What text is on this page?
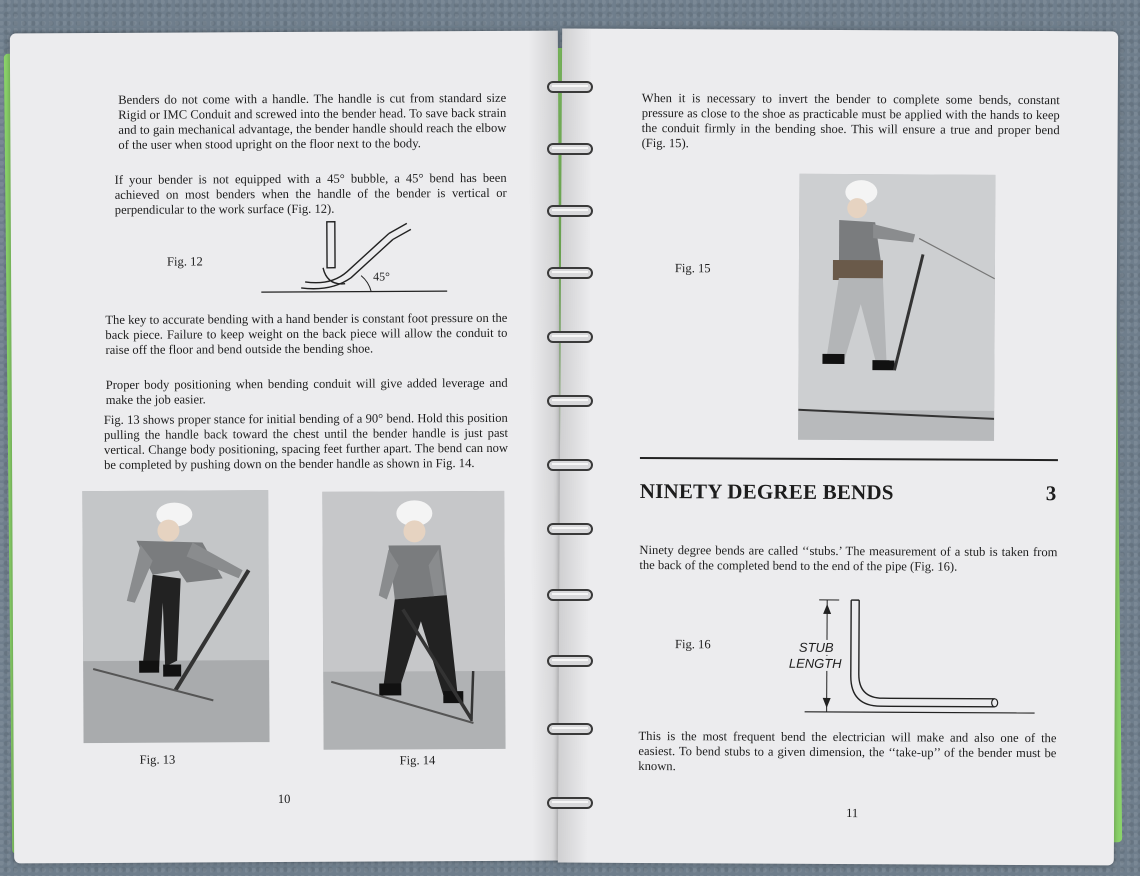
Benders do not come with a handle. The handle is cut from standard size Rigid or IMC Conduit and screwed into the bender head. To save back strain and to gain mechanical advantage, the bender handle should reach the elbow of the user when stood upright on the floor next to the body.

If your bender is not equipped with a 45° bubble, a 45° bend has been achieved on most benders when the handle of the bender is vertical or perpendicular to the work surface (Fig. 12).

Fig. 12

45°

The key to accurate bending with a hand bender is constant foot pressure on the back piece. Failure to keep weight on the back piece will allow the conduit to raise off the floor and bend outside the bending shoe.

Proper body positioning when bending conduit will give added leverage and make the job easier.

Fig. 13 shows proper stance for initial bending of a 90° bend. Hold this position pulling the handle back toward the chest until the bender handle is just past vertical. Change body positioning, spacing feet further apart. The bend can now be completed by pushing down on the bender handle as shown in Fig. 14.

Fig. 13	Fig. 14

10

When it is necessary to invert the bender to complete some bends, constant pressure as close to the shoe as practicable must be applied with the hands to keep the conduit firmly in the bending shoe. This will ensure a true and proper bend (Fig. 15).

Fig. 15

NINETY DEGREE BENDS	3

Ninety degree bends are called ‘‘stubs.’ The measurement of a stub is taken from the back of the completed bend to the end of the pipe (Fig. 16).

Fig. 16	STUB
LENGTH

This is the most frequent bend the electrician will make and also one of the easiest. To bend stubs to a given dimension, the ‘‘take-up’’ of the bender must be known.

11
